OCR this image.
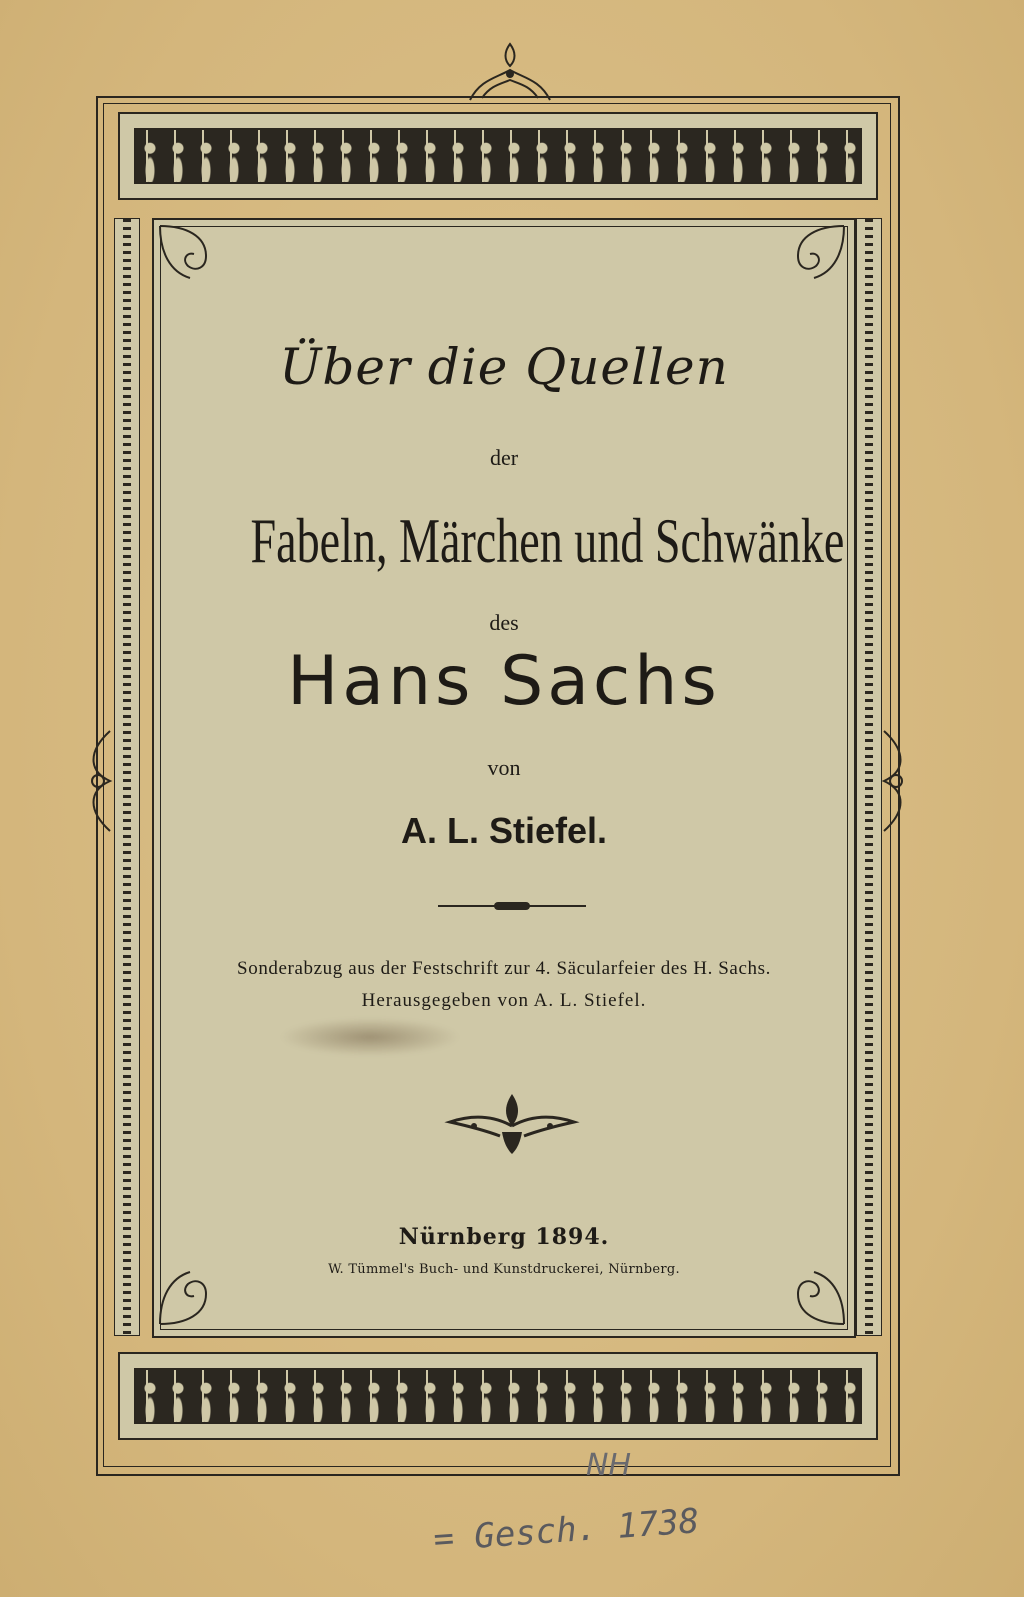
Über die Quellen
der
Fabeln, Märchen und Schwänke
des
Hans Sachs
von
A. L. Stiefel.
Sonderabzug aus der Festschrift zur 4. Säcularfeier des H. Sachs.
Herausgegeben von A. L. Stiefel.
Nürnberg 1894.
W. Tümmel's Buch- und Kunstdruckerei, Nürnberg.
NH
= Gesch. 1738
